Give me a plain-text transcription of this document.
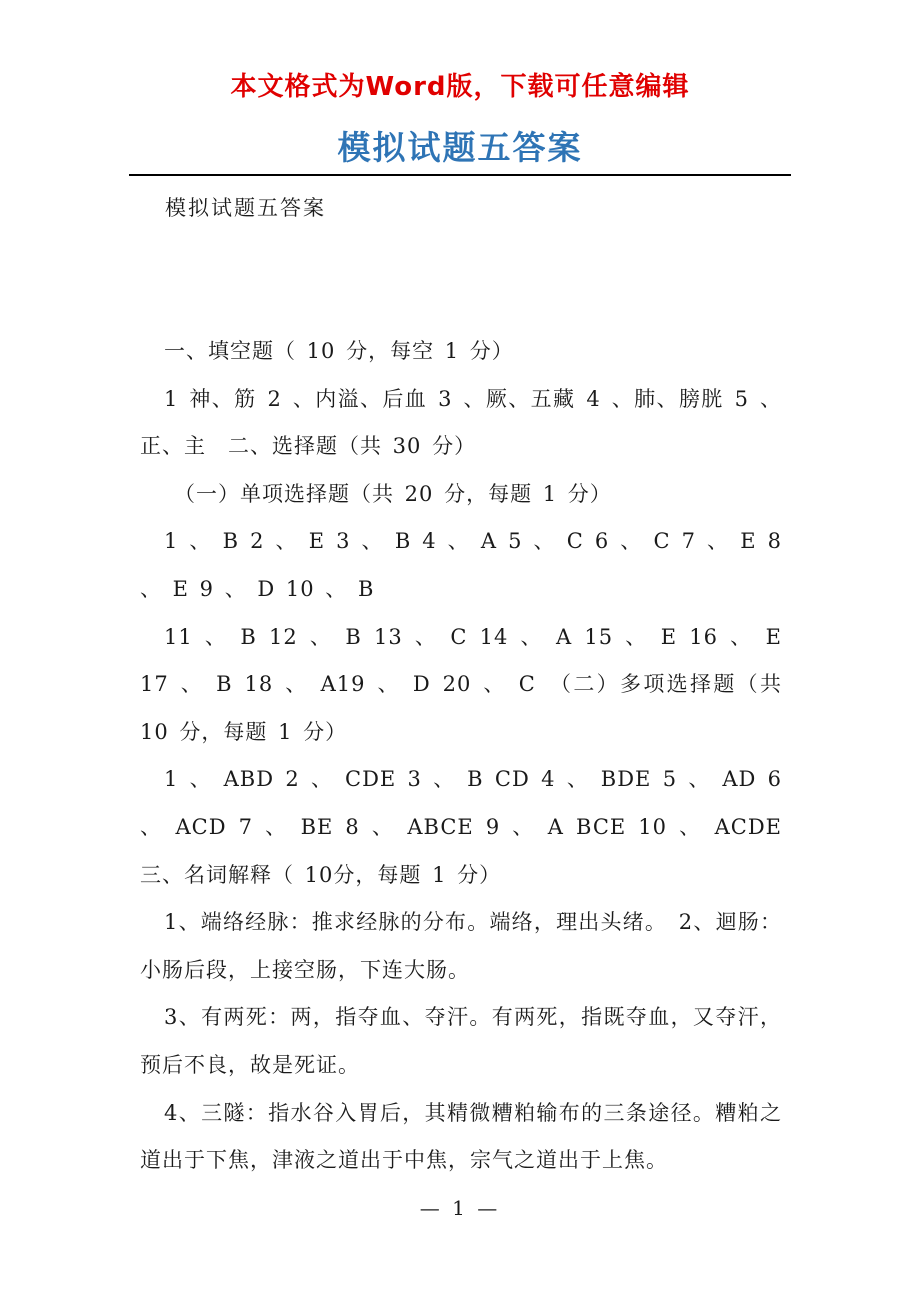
本文格式为Word版，下载可任意编辑
模拟试题五答案
模拟试题五答案

一、填空题（ 10 分，每空 1 分）

1 神、筋 2 、内溢、后血 3 、厥、五藏 4 、肺、膀胱 5 、正、主　二、选择题（共 30 分）

（一）单项选择题（共 20 分，每题 1 分）

1 、 B 2 、 E 3 、 B 4 、 A 5 、 C 6 、 C 7 、 E 8 、 E 9 、 D 10 、 B

11 、 B 12 、 B 13 、 C 14 、 A 15 、 E 16 、 E 17 、 B 18 、 A19 、 D 20 、 C　（二）多项选择题（共 10 分，每题 1 分）

1 、 ABD 2 、 CDE 3 、 B CD 4 、 BDE 5 、 AD 6 、 ACD 7 、 BE 8 、 ABCE 9 、 A BCE 10 、 ACDE 三、名词解释（ 10分，每题 1 分）

1、端络经脉：推求经脉的分布。端络，理出头绪。　2、迴肠：小肠后段，上接空肠，下连大肠。

3、有两死：两，指夺血、夺汗。有两死，指既夺血，又夺汗，预后不良，故是死证。

4、三隧：指水谷入胃后，其精微糟粕输布的三条途径。糟粕之道出于下焦，津液之道出于中焦，宗气之道出于上焦。

— 1 —
